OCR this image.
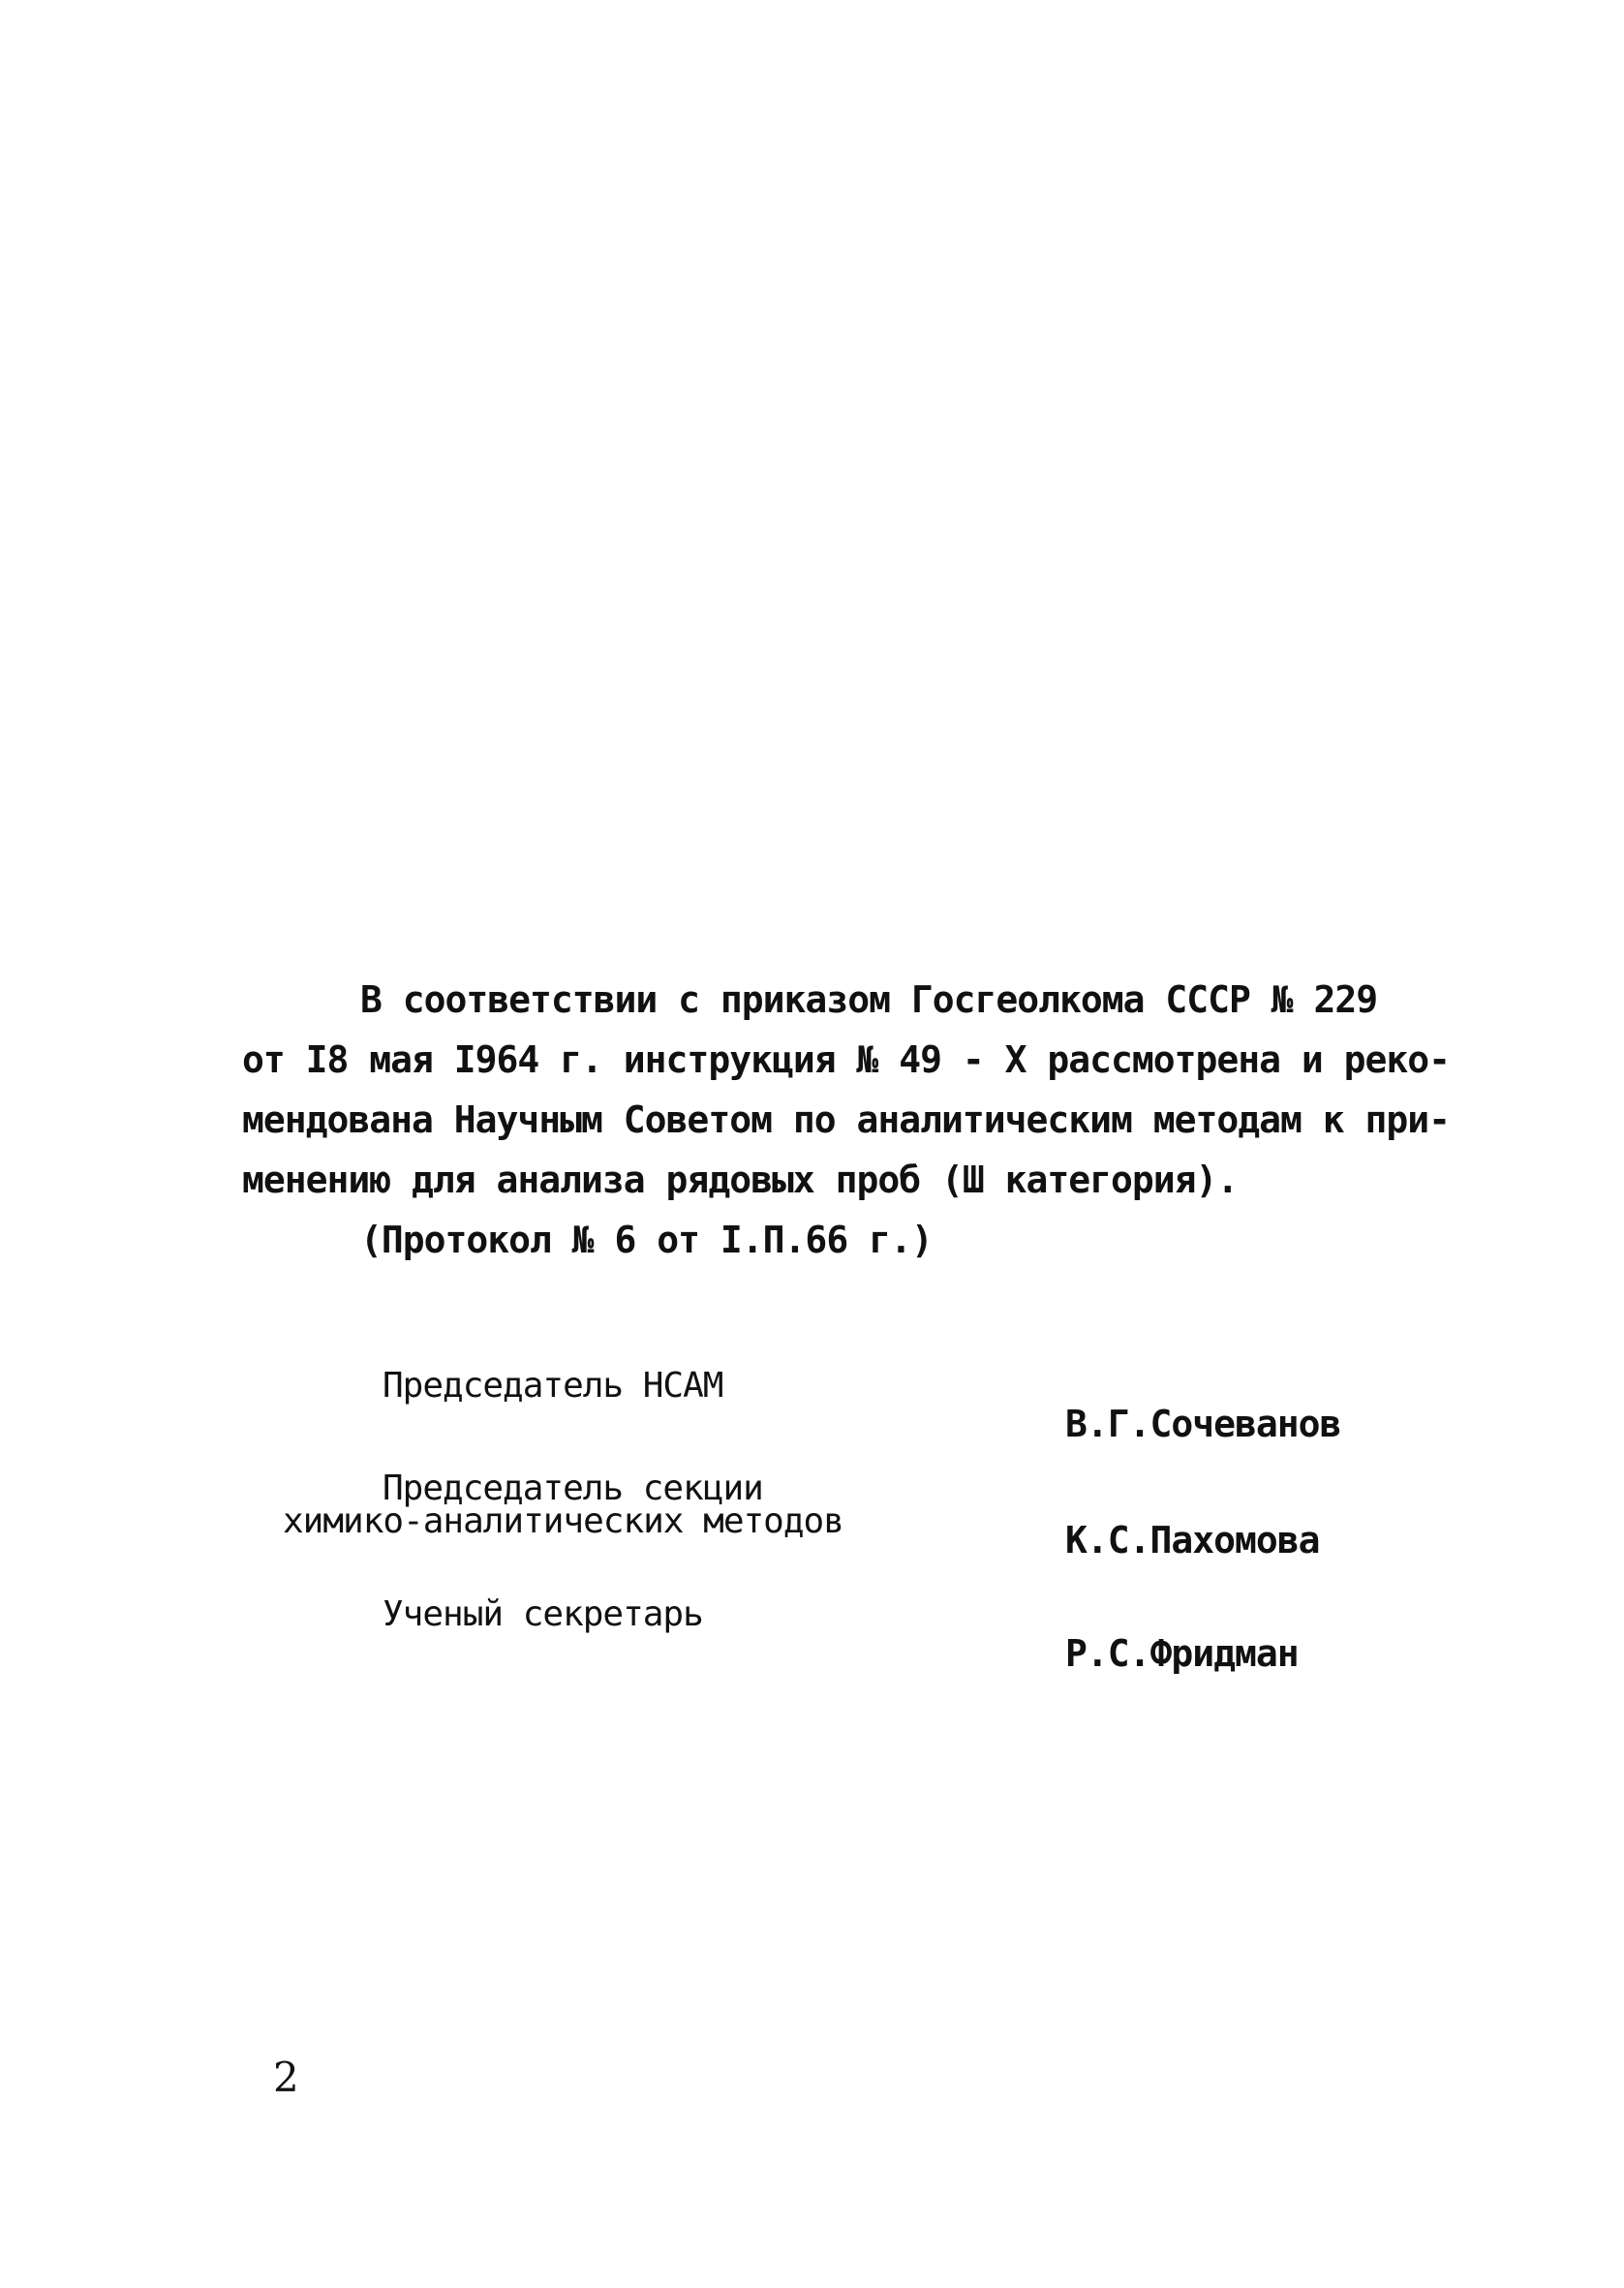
В соответствии с приказом Госгеолкома СССР № 229
от I8 мая I964 г. инструкция № 49 - Х рассмотрена и реко-
мендована Научным Советом по аналитическим методам к при-
менению для анализа рядовых проб (Ш категория).
(Протокол № 6 от I.П.66 г.)
Председатель НСАМ
В.Г.Сочеванов
Председатель секции
химико-аналитических методов	К.С.Пахомова
Ученый секретарь
Р.С.Фридман
2
